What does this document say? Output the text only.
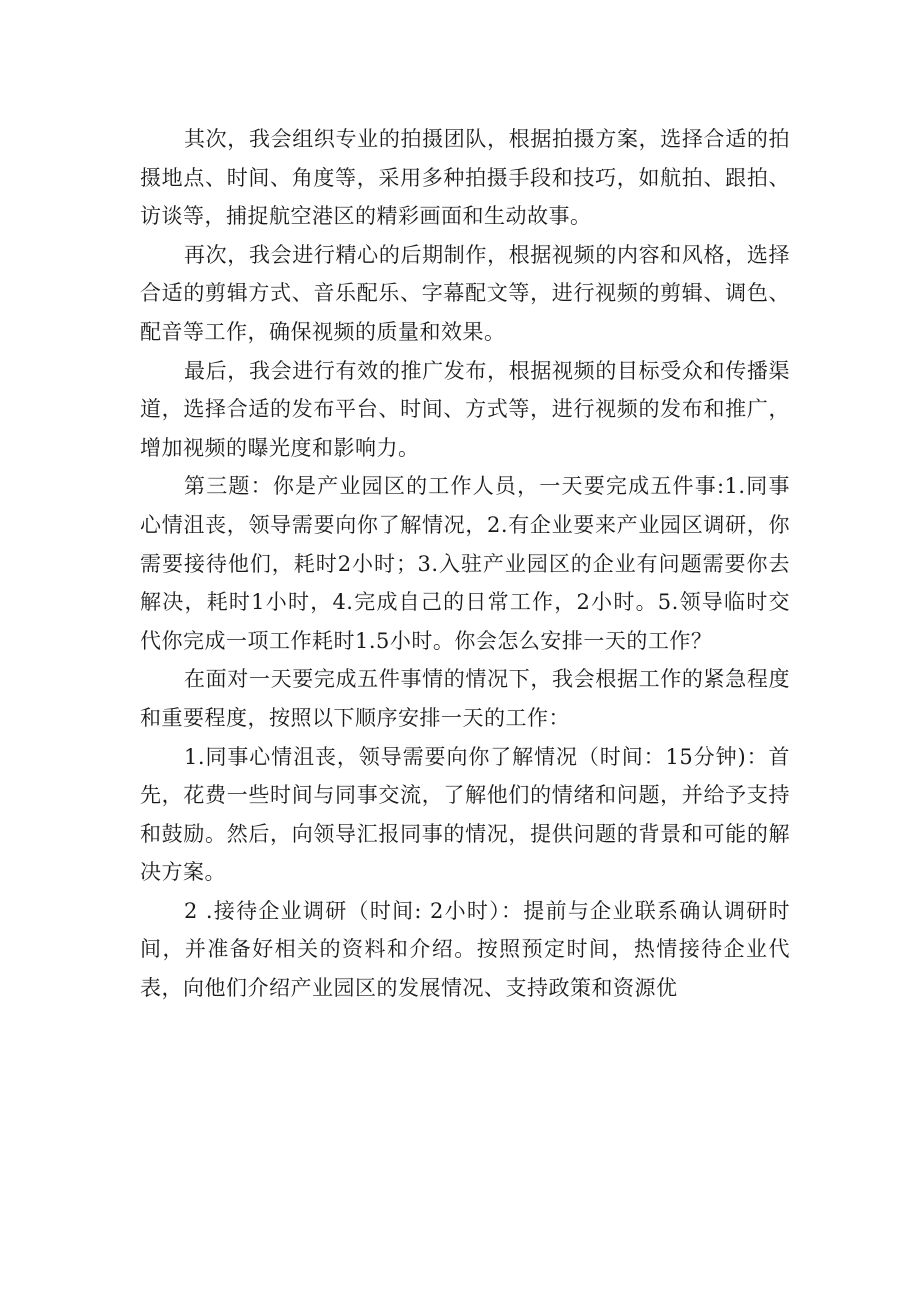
其次，我会组织专业的拍摄团队，根据拍摄方案，选择合适的拍摄地点、时间、角度等，采用多种拍摄手段和技巧，如航拍、跟拍、访谈等，捕捉航空港区的精彩画面和生动故事。

再次，我会进行精心的后期制作，根据视频的内容和风格，选择合适的剪辑方式、音乐配乐、字幕配文等，进行视频的剪辑、调色、配音等工作，确保视频的质量和效果。

最后，我会进行有效的推广发布，根据视频的目标受众和传播渠道，选择合适的发布平台、时间、方式等，进行视频的发布和推广，增加视频的曝光度和影响力。

第三题：你是产业园区的工作人员，一天要完成五件事:1.同事心情沮丧，领导需要向你了解情况，2.有企业要来产业园区调研，你需要接待他们，耗时2小时；3.入驻产业园区的企业有问题需要你去解决，耗时1小时，4.完成自己的日常工作，2小时。5.领导临时交代你完成一项工作耗时1.5小时。你会怎么安排一天的工作？

在面对一天要完成五件事情的情况下，我会根据工作的紧急程度和重要程度，按照以下顺序安排一天的工作：

1.同事心情沮丧，领导需要向你了解情况（时间：15分钟)：首先，花费一些时间与同事交流，了解他们的情绪和问题，并给予支持和鼓励。然后，向领导汇报同事的情况，提供问题的背景和可能的解决方案。

2 .接待企业调研（时间: 2小时）：提前与企业联系确认调研时间，并准备好相关的资料和介绍。按照预定时间，热情接待企业代表，向他们介绍产业园区的发展情况、支持政策和资源优
